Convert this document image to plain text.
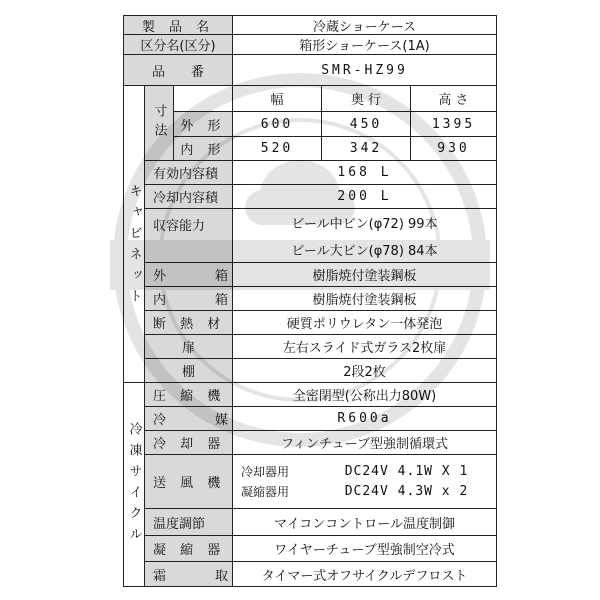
製 品 名	冷蔵ショーケース
区分名(区分)	箱形ショーケース(1A)
品　　番	SMR-HZ99
キャビネット
寸法
幅	奥 行	高 さ
外 形	600	450	1395
内 形	520	342	930
有効内容積	168 L
冷却内容積	200 L
収容能力	ビール中ビン(φ72) 99本
ビール大ビン(φ78) 84本
外　箱	樹脂焼付塗装鋼板
内　箱	樹脂焼付塗装鋼板
断 熱 材	硬質ポリウレタン一体発泡
扉	左右スライド式ガラス2枚扉
棚	2段2枚
冷凍サイクル
圧 縮 機	全密閉型(公称出力80W)
冷　媒	R600a
冷 却 器	フィンチューブ型強制循環式
送 風 機
冷却器用	DC24V 4.1W X 1
凝縮器用	DC24V 4.3W x 2
温度調節	マイコンコントロール温度制御
凝 縮 器	ワイヤーチューブ型強制空冷式
霜　取	タイマー式オフサイクルデフロスト
